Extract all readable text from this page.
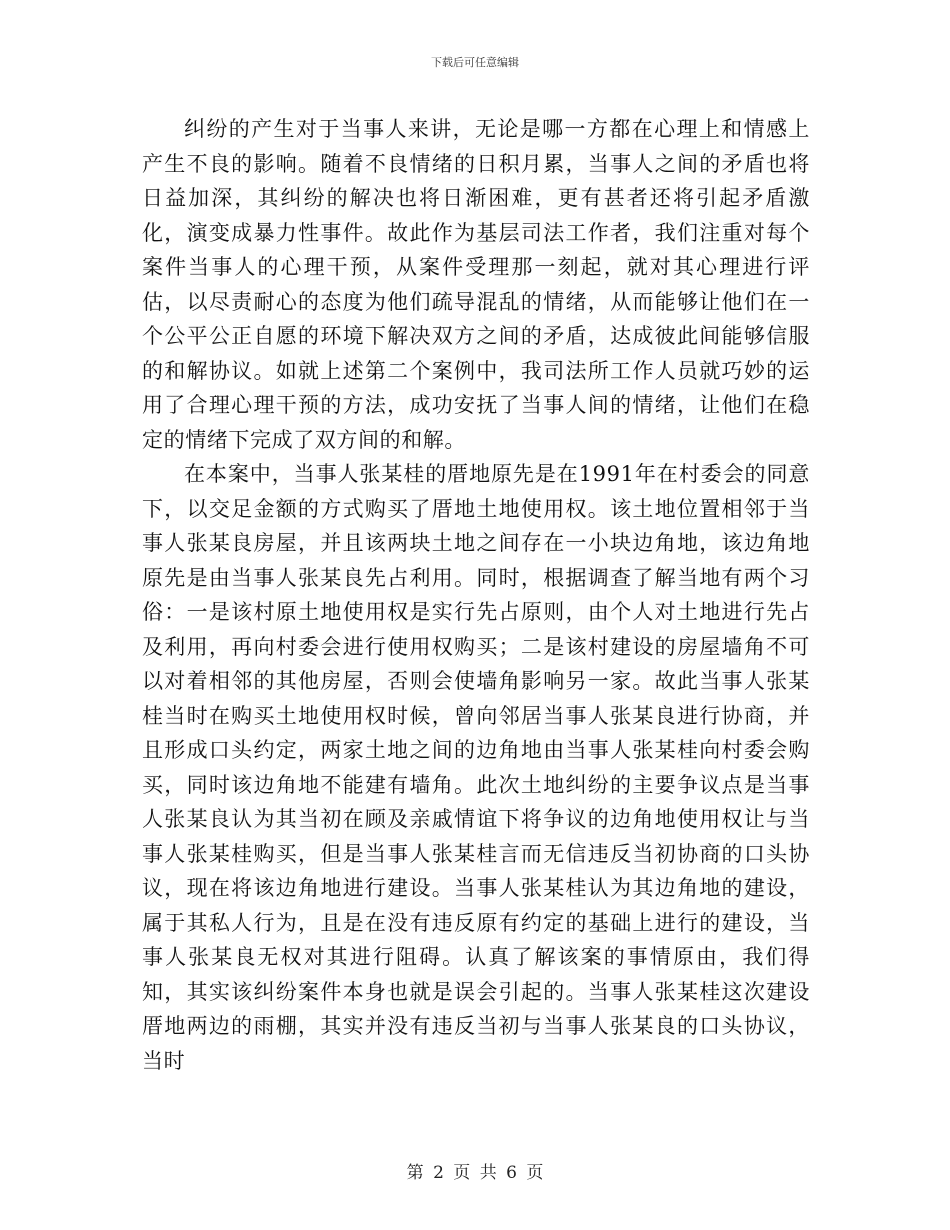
下载后可任意编辑

纠纷的产生对于当事人来讲，无论是哪一方都在心理上和情感上产生不良的影响。随着不良情绪的日积月累，当事人之间的矛盾也将日益加深，其纠纷的解决也将日渐困难，更有甚者还将引起矛盾激化，演变成暴力性事件。故此作为基层司法工作者，我们注重对每个案件当事人的心理干预，从案件受理那一刻起，就对其心理进行评估，以尽责耐心的态度为他们疏导混乱的情绪，从而能够让他们在一个公平公正自愿的环境下解决双方之间的矛盾，达成彼此间能够信服的和解协议。如就上述第二个案例中，我司法所工作人员就巧妙的运用了合理心理干预的方法，成功安抚了当事人间的情绪，让他们在稳定的情绪下完成了双方间的和解。

在本案中，当事人张某桂的厝地原先是在1991年在村委会的同意下，以交足金额的方式购买了厝地土地使用权。该土地位置相邻于当事人张某良房屋，并且该两块土地之间存在一小块边角地，该边角地原先是由当事人张某良先占利用。同时，根据调查了解当地有两个习俗：一是该村原土地使用权是实行先占原则，由个人对土地进行先占及利用，再向村委会进行使用权购买；二是该村建设的房屋墙角不可以对着相邻的其他房屋，否则会使墙角影响另一家。故此当事人张某桂当时在购买土地使用权时候，曾向邻居当事人张某良进行协商，并且形成口头约定，两家土地之间的边角地由当事人张某桂向村委会购买，同时该边角地不能建有墙角。此次土地纠纷的主要争议点是当事人张某良认为其当初在顾及亲戚情谊下将争议的边角地使用权让与当事人张某桂购买，但是当事人张某桂言而无信违反当初协商的口头协议，现在将该边角地进行建设。当事人张某桂认为其边角地的建设，属于其私人行为，且是在没有违反原有约定的基础上进行的建设，当事人张某良无权对其进行阻碍。认真了解该案的事情原由，我们得知，其实该纠纷案件本身也就是误会引起的。当事人张某桂这次建设厝地两边的雨棚，其实并没有违反当初与当事人张某良的口头协议，当时

第 2 页 共 6 页
